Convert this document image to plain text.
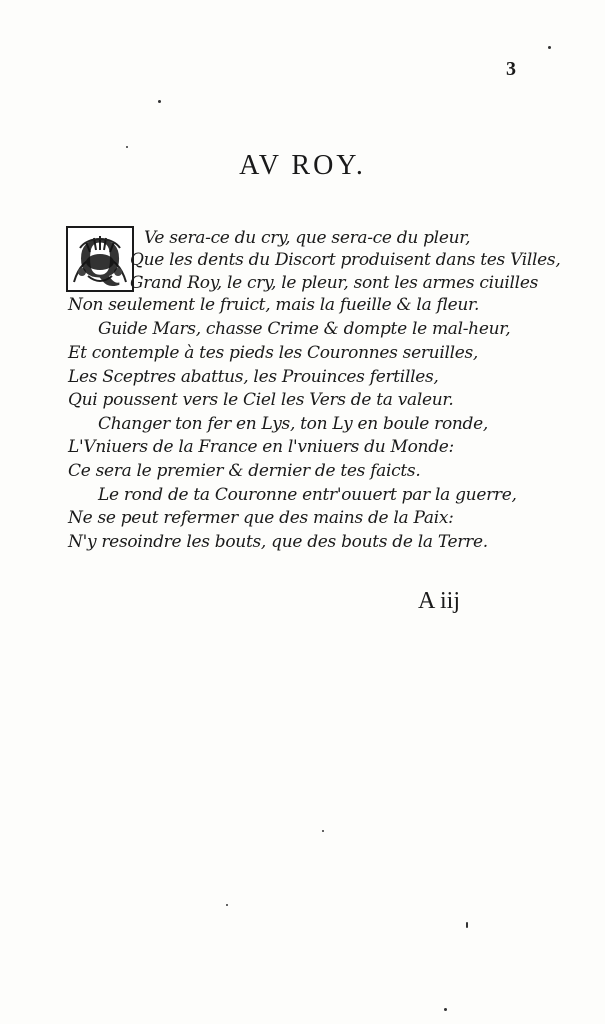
3
AV ROY.
Q	Ve sera-ce du cry, que sera-ce du pleur,
Que les dents du Discort produisent dans tes Villes,
Grand Roy, le cry, le pleur, sont les armes ciuilles
Non seulement le fruict, mais la fueille & la fleur.
Guide Mars, chasse Crime & dompte le mal-heur,
Et contemple à tes pieds les Couronnes seruilles,
Les Sceptres abattus, les Prouinces fertilles,
Qui poussent vers le Ciel les Vers de ta valeur.
Changer ton fer en Lys, ton Ly en boule ronde,
L'Vniuers de la France en l'vniuers du Monde:
Ce sera le premier & dernier de tes faicts.
Le rond de ta Couronne entr'ouuert par la guerre,
Ne se peut refermer que des mains de la Paix:
N'y resoindre les bouts, que des bouts de la Terre.
A iij
